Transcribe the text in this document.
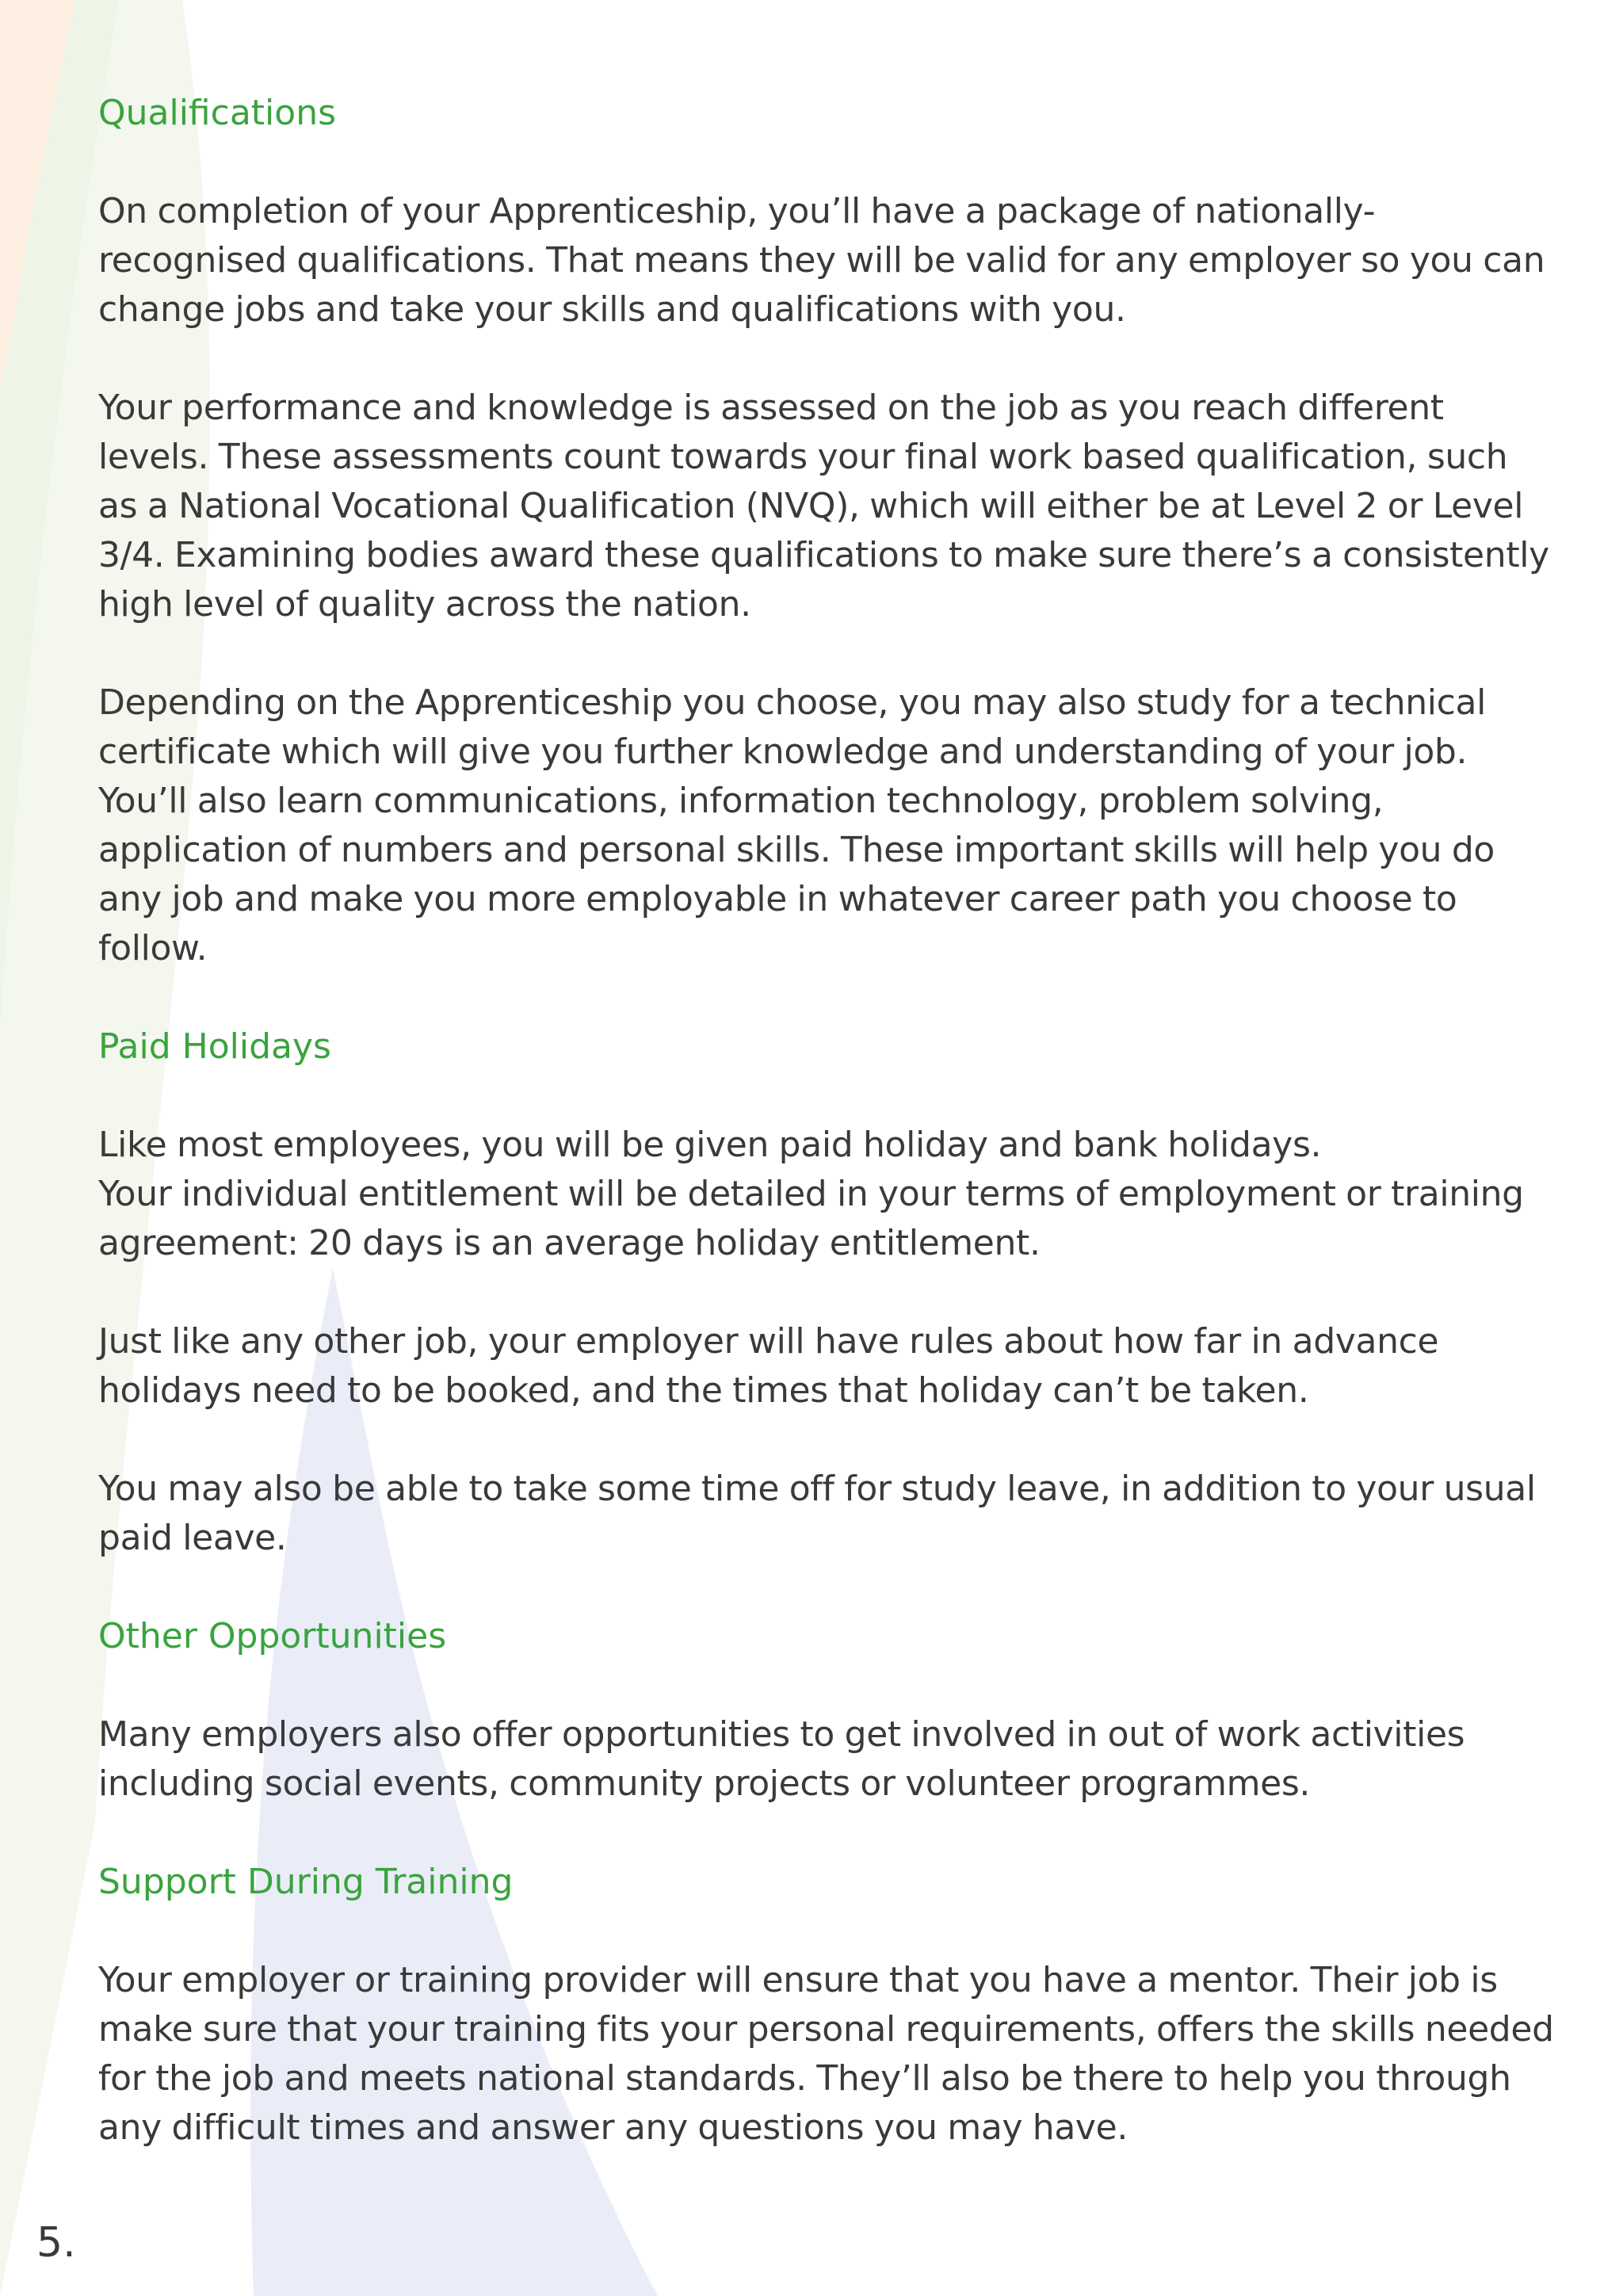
Qualifications

On completion of your Apprenticeship, you’ll have a package of nationally-
recognised qualifications. That means they will be valid for any employer so you can
change jobs and take your skills and qualifications with you.

Your performance and knowledge is assessed on the job as you reach different
levels. These assessments count towards your final work based qualification, such
as a National Vocational Qualification (NVQ), which will either be at Level 2 or Level
3/4. Examining bodies award these qualifications to make sure there’s a consistently
high level of quality across the nation.

Depending on the Apprenticeship you choose, you may also study for a technical
certificate which will give you further knowledge and understanding of your job.
You’ll also learn communications, information technology, problem solving,
application of numbers and personal skills. These important skills will help you do
any job and make you more employable in whatever career path you choose to
follow.

Paid Holidays

Like most employees, you will be given paid holiday and bank holidays.
Your individual entitlement will be detailed in your terms of employment or training
agreement: 20 days is an average holiday entitlement.

Just like any other job, your employer will have rules about how far in advance
holidays need to be booked, and the times that holiday can’t be taken.

You may also be able to take some time off for study leave, in addition to your usual
paid leave.

Other Opportunities

Many employers also offer opportunities to get involved in out of work activities
including social events, community projects or volunteer programmes.

Support During Training

Your employer or training provider will ensure that you have a mentor. Their job is
make sure that your training fits your personal requirements, offers the skills needed
for the job and meets national standards. They’ll also be there to help you through
any difficult times and answer any questions you may have.

5.
